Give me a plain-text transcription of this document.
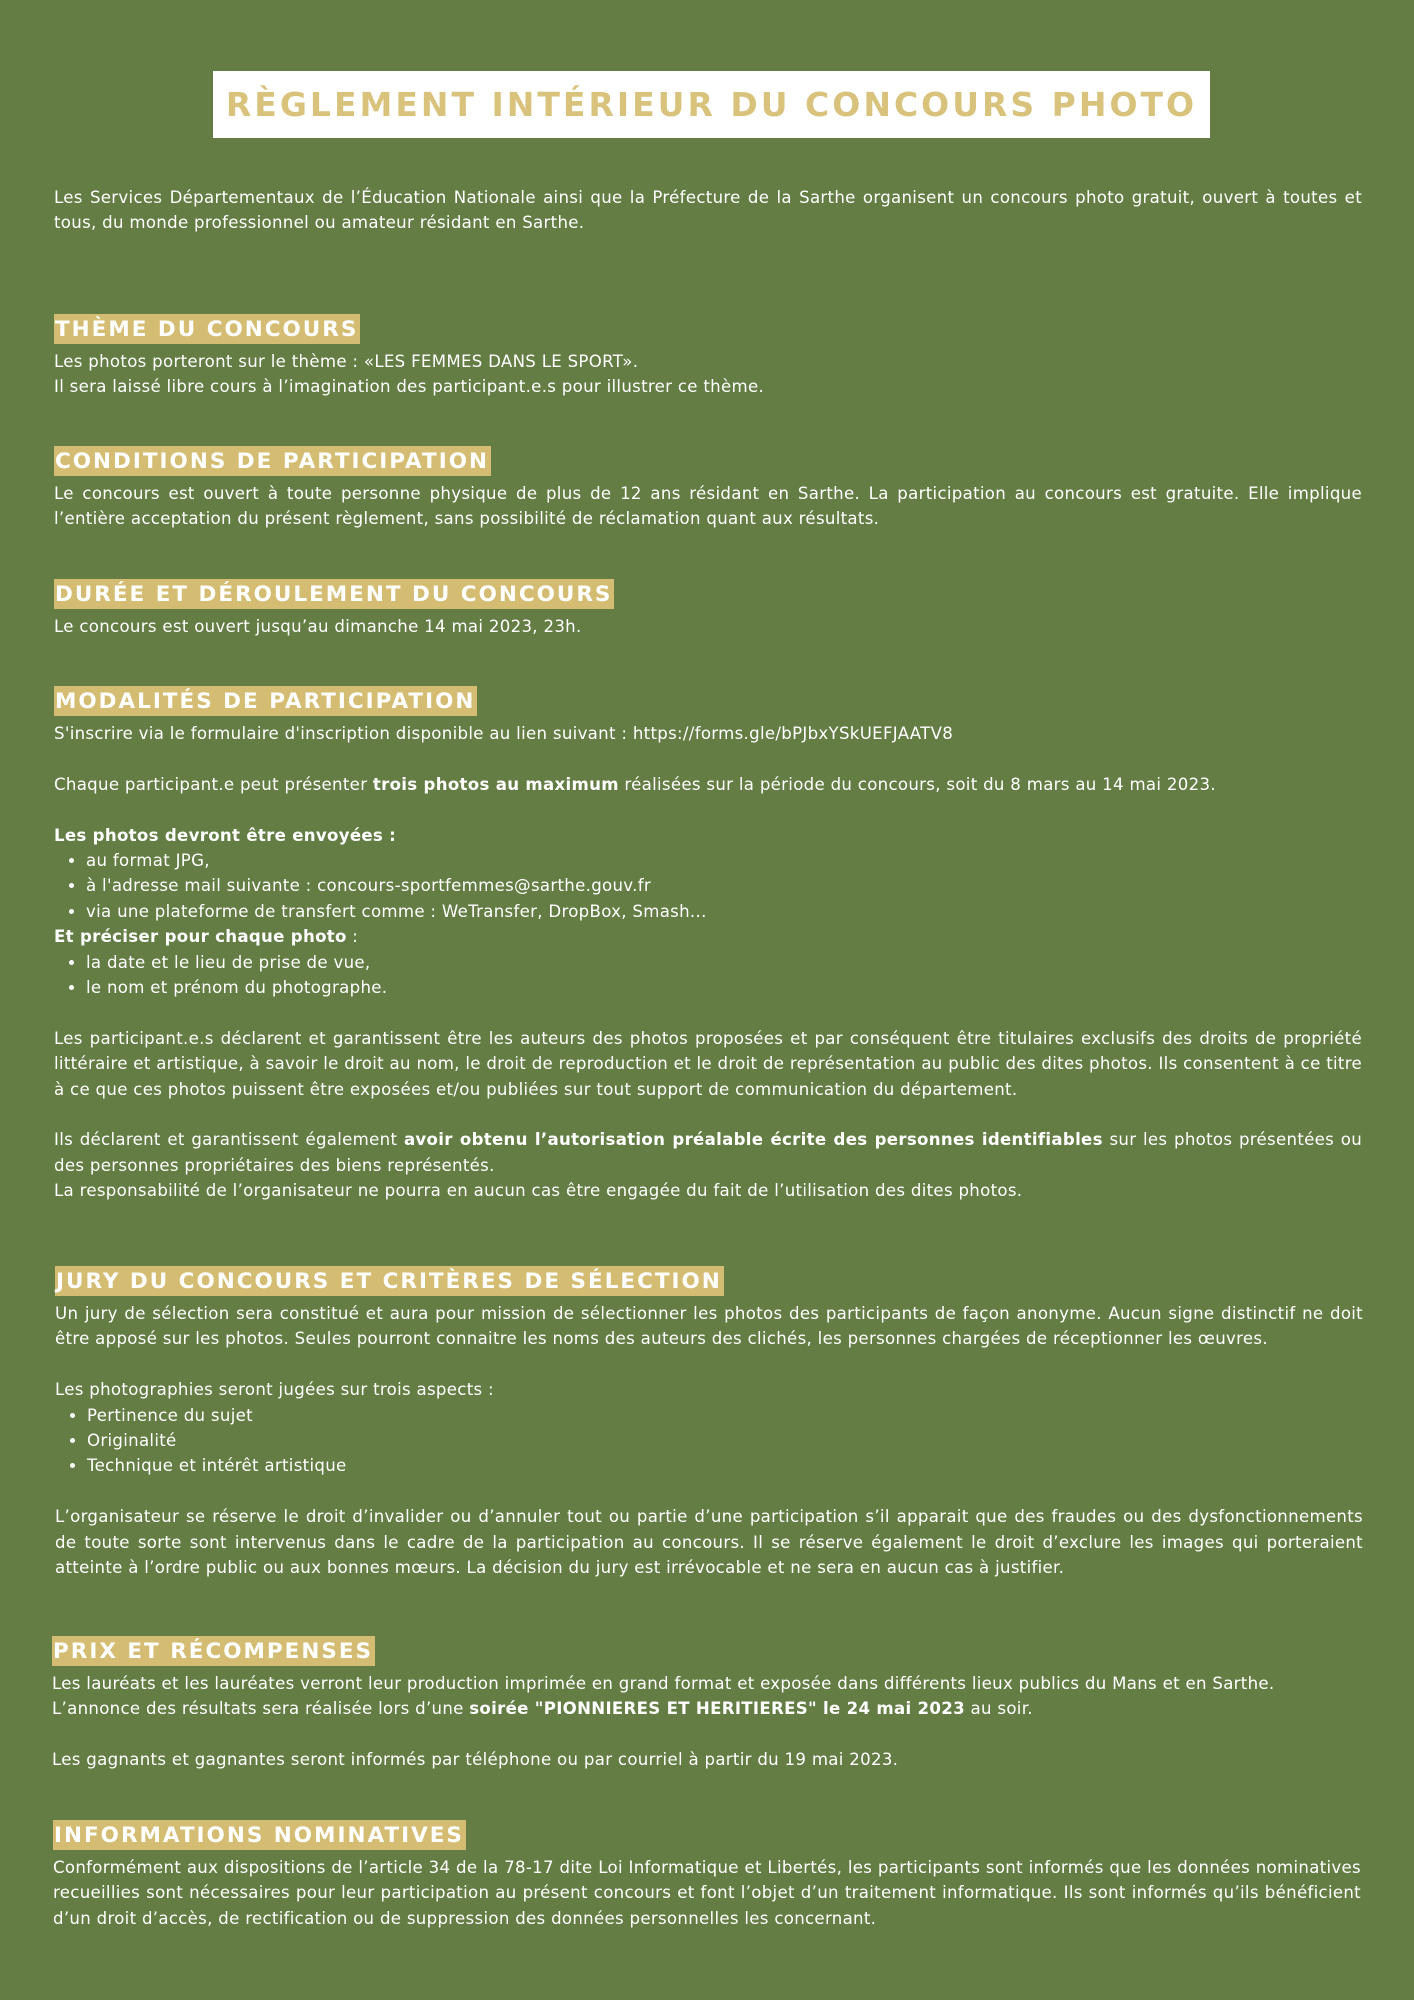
RÈGLEMENT INTÉRIEUR DU CONCOURS PHOTO

Les Services Départementaux de l’Éducation Nationale ainsi que la Préfecture de la Sarthe organisent un concours photo gratuit, ouvert à toutes et tous, du monde professionnel ou amateur résidant en Sarthe.

THÈME DU CONCOURS

Les photos porteront sur le thème : «LES FEMMES DANS LE SPORT».

Il sera laissé libre cours à l’imagination des participant.e.s pour illustrer ce thème.

CONDITIONS DE PARTICIPATION

Le concours est ouvert à toute personne physique de plus de 12 ans résidant en Sarthe. La participation au concours est gratuite. Elle implique l’entière acceptation du présent règlement, sans possibilité de réclamation quant aux résultats.

DURÉE ET DÉROULEMENT DU CONCOURS

Le concours est ouvert jusqu’au dimanche 14 mai 2023, 23h.

MODALITÉS DE PARTICIPATION

S'inscrire via le formulaire d'inscription disponible au lien suivant : https://forms.gle/bPJbxYSkUEFJAATV8

Chaque participant.e peut présenter trois photos au maximum réalisées sur la période du concours, soit du 8 mars au 14 mai 2023.

Les photos devront être envoyées :

• au format JPG,
• à l'adresse mail suivante : concours-sportfemmes@sarthe.gouv.fr
• via une plateforme de transfert comme : WeTransfer, DropBox, Smash...

Et préciser pour chaque photo :

• la date et le lieu de prise de vue,
• le nom et prénom du photographe.

Les participant.e.s déclarent et garantissent être les auteurs des photos proposées et par conséquent être titulaires exclusifs des droits de propriété littéraire et artistique, à savoir le droit au nom, le droit de reproduction et le droit de représentation au public des dites photos. Ils consentent à ce titre à ce que ces photos puissent être exposées et/ou publiées sur tout support de communication du département.

Ils déclarent et garantissent également avoir obtenu l’autorisation préalable écrite des personnes identifiables sur les photos présentées ou des personnes propriétaires des biens représentés.

La responsabilité de l’organisateur ne pourra en aucun cas être engagée du fait de l’utilisation des dites photos.

JURY DU CONCOURS ET CRITÈRES DE SÉLECTION

Un jury de sélection sera constitué et aura pour mission de sélectionner les photos des participants de façon anonyme. Aucun signe distinctif ne doit être apposé sur les photos. Seules pourront connaitre les noms des auteurs des clichés, les personnes chargées de réceptionner les œuvres.

Les photographies seront jugées sur trois aspects :

• Pertinence du sujet
• Originalité
• Technique et intérêt artistique

L’organisateur se réserve le droit d’invalider ou d’annuler tout ou partie d’une participation s’il apparait que des fraudes ou des dysfonctionnements de toute sorte sont intervenus dans le cadre de la participation au concours. Il se réserve également le droit d’exclure les images qui porteraient atteinte à l’ordre public ou aux bonnes mœurs. La décision du jury est irrévocable et ne sera en aucun cas à justifier.

PRIX ET RÉCOMPENSES

Les lauréats et les lauréates verront leur production imprimée en grand format et exposée dans différents lieux publics du Mans et en Sarthe.

L’annonce des résultats sera réalisée lors d’une soirée "PIONNIERES ET HERITIERES" le 24 mai 2023 au soir.

Les gagnants et gagnantes seront informés par téléphone ou par courriel à partir du 19 mai 2023.

INFORMATIONS NOMINATIVES

Conformément aux dispositions de l’article 34 de la 78-17 dite Loi Informatique et Libertés, les participants sont informés que les données nominatives recueillies sont nécessaires pour leur participation au présent concours et font l’objet d’un traitement informatique. Ils sont informés qu’ils bénéficient d’un droit d’accès, de rectification ou de suppression des données personnelles les concernant.
